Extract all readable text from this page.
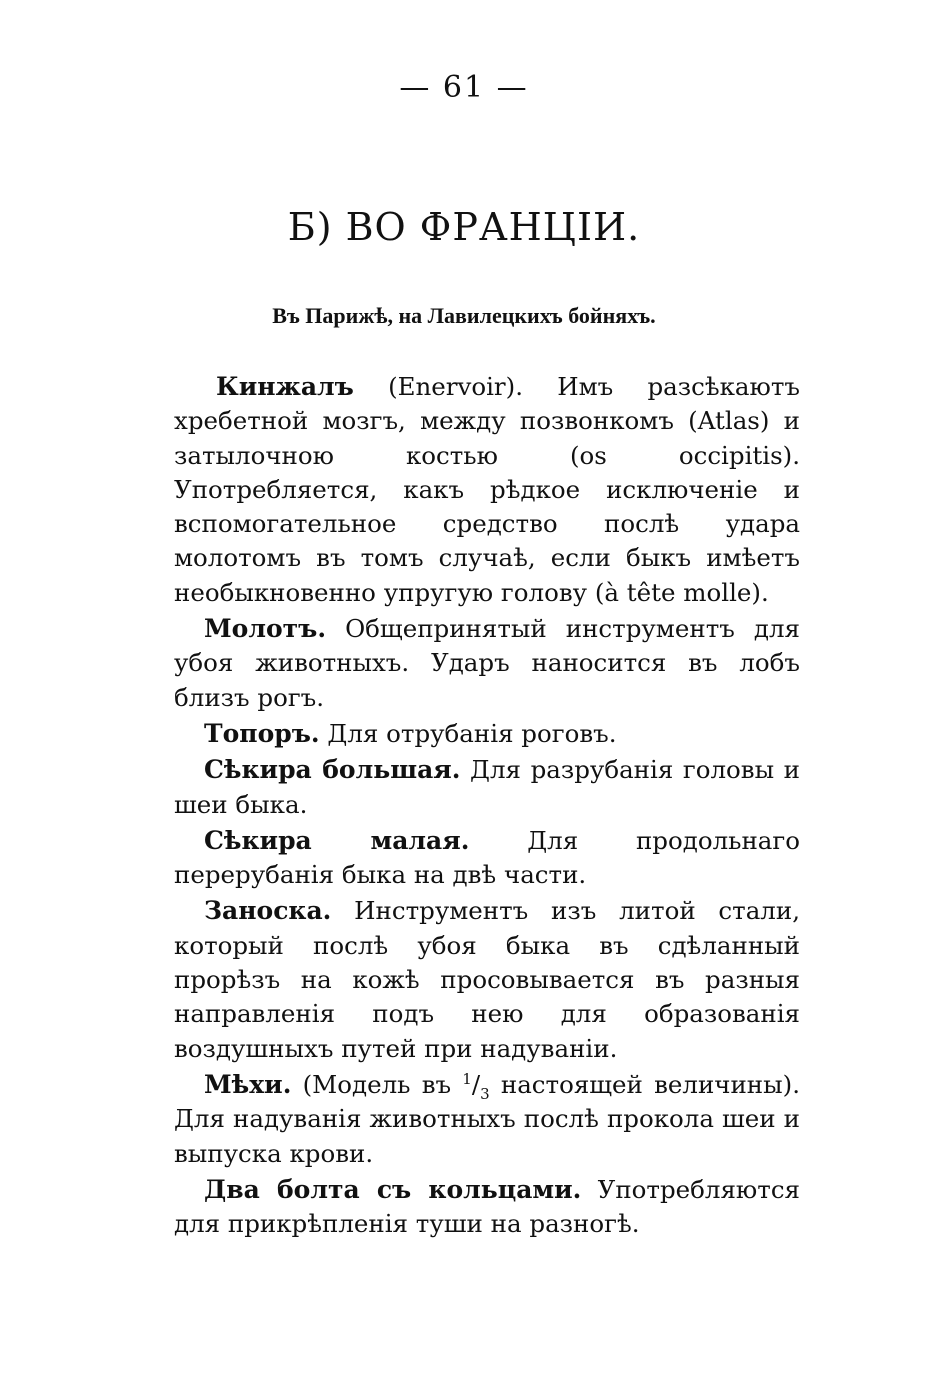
— 61 —
Б) ВО ФРАНЦІИ.
Въ Парижѣ, на Лавилецкихъ бойняхъ.

Кинжалъ (Enervoir). Имъ разсѣкаютъ хребетной мозгъ, между позвонкомъ (Atlas) и затылочною костью (os occipitis). Употребляется, какъ рѣдкое исключеніе и вспомогательное средство послѣ удара молотомъ въ томъ случаѣ, если быкъ имѣетъ необыкновенно упругую голову (à tête molle).

Молотъ. Общепринятый инструментъ для убоя животныхъ. Ударъ наносится въ лобъ близъ рогъ.

Топоръ. Для отрубанія роговъ.

Сѣкира большая. Для разрубанія головы и шеи быка.

Сѣкира малая. Для продольнаго перерубанія быка на двѣ части.

Заноска. Инструментъ изъ литой стали, который послѣ убоя быка въ сдѣланный прорѣзъ на кожѣ просовывается въ разныя направленія подъ нею для образованія воздушныхъ путей при надуваніи.

Мѣхи. (Модель въ $^1/_3$ настоящей величины). Для надуванія животныхъ послѣ прокола шеи и выпуска крови.

Два болта съ кольцами. Употребляются для прикрѣпленія туши на разногѣ.
